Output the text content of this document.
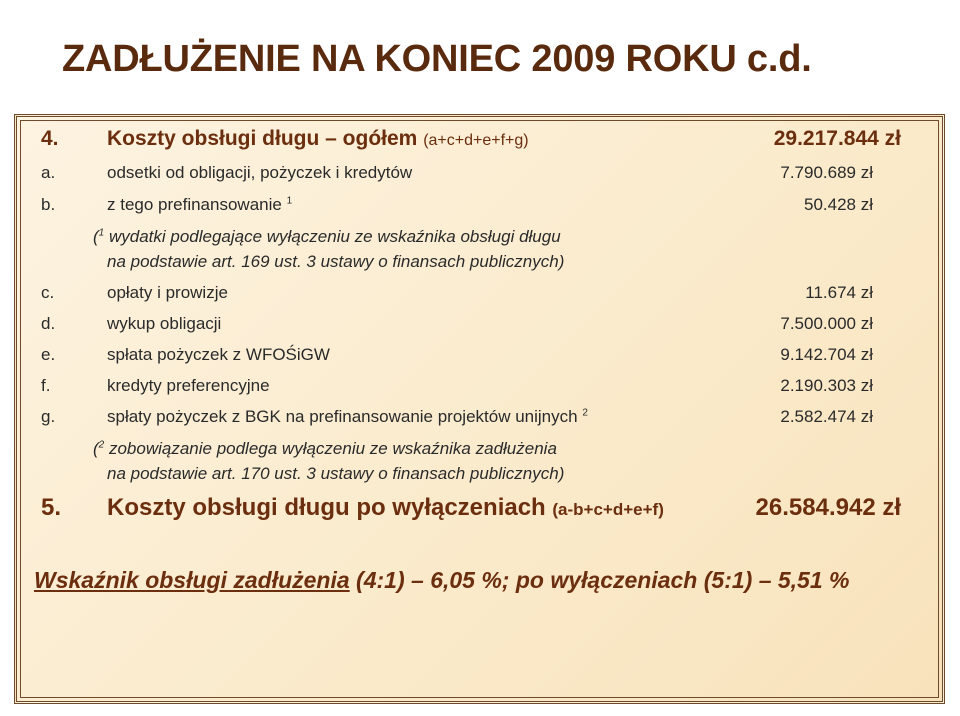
ZADŁUŻENIE NA KONIEC 2009 ROKU c.d.
4. Koszty obsługi długu – ogółem (a+c+d+e+f+g)	29.217.844 zł
a.	odsetki od obligacji, pożyczek i kredytów	7.790.689 zł
b.	z tego prefinansowanie $^1$	50.428 zł
($^1$ wydatki podlegające wyłączeniu ze wskaźnika obsługi długu
na podstawie art. 169 ust. 3 ustawy o finansach publicznych)
c.	opłaty i prowizje	11.674 zł
d.	wykup obligacji	7.500.000 zł
e.	spłata pożyczek z WFOŚiGW	9.142.704 zł
f.	kredyty preferencyjne	2.190.303 zł
g.	spłaty pożyczek z BGK na prefinansowanie projektów unijnych $^2$	2.582.474 zł
($^2$ zobowiązanie podlega wyłączeniu ze wskaźnika zadłużenia
na podstawie art. 170 ust. 3 ustawy o finansach publicznych)
5. Koszty obsługi długu po wyłączeniach (a-b+c+d+e+f)	26.584.942 zł
Wskaźnik obsługi zadłużenia (4:1) – 6,05 %; po wyłączeniach (5:1) – 5,51 %
